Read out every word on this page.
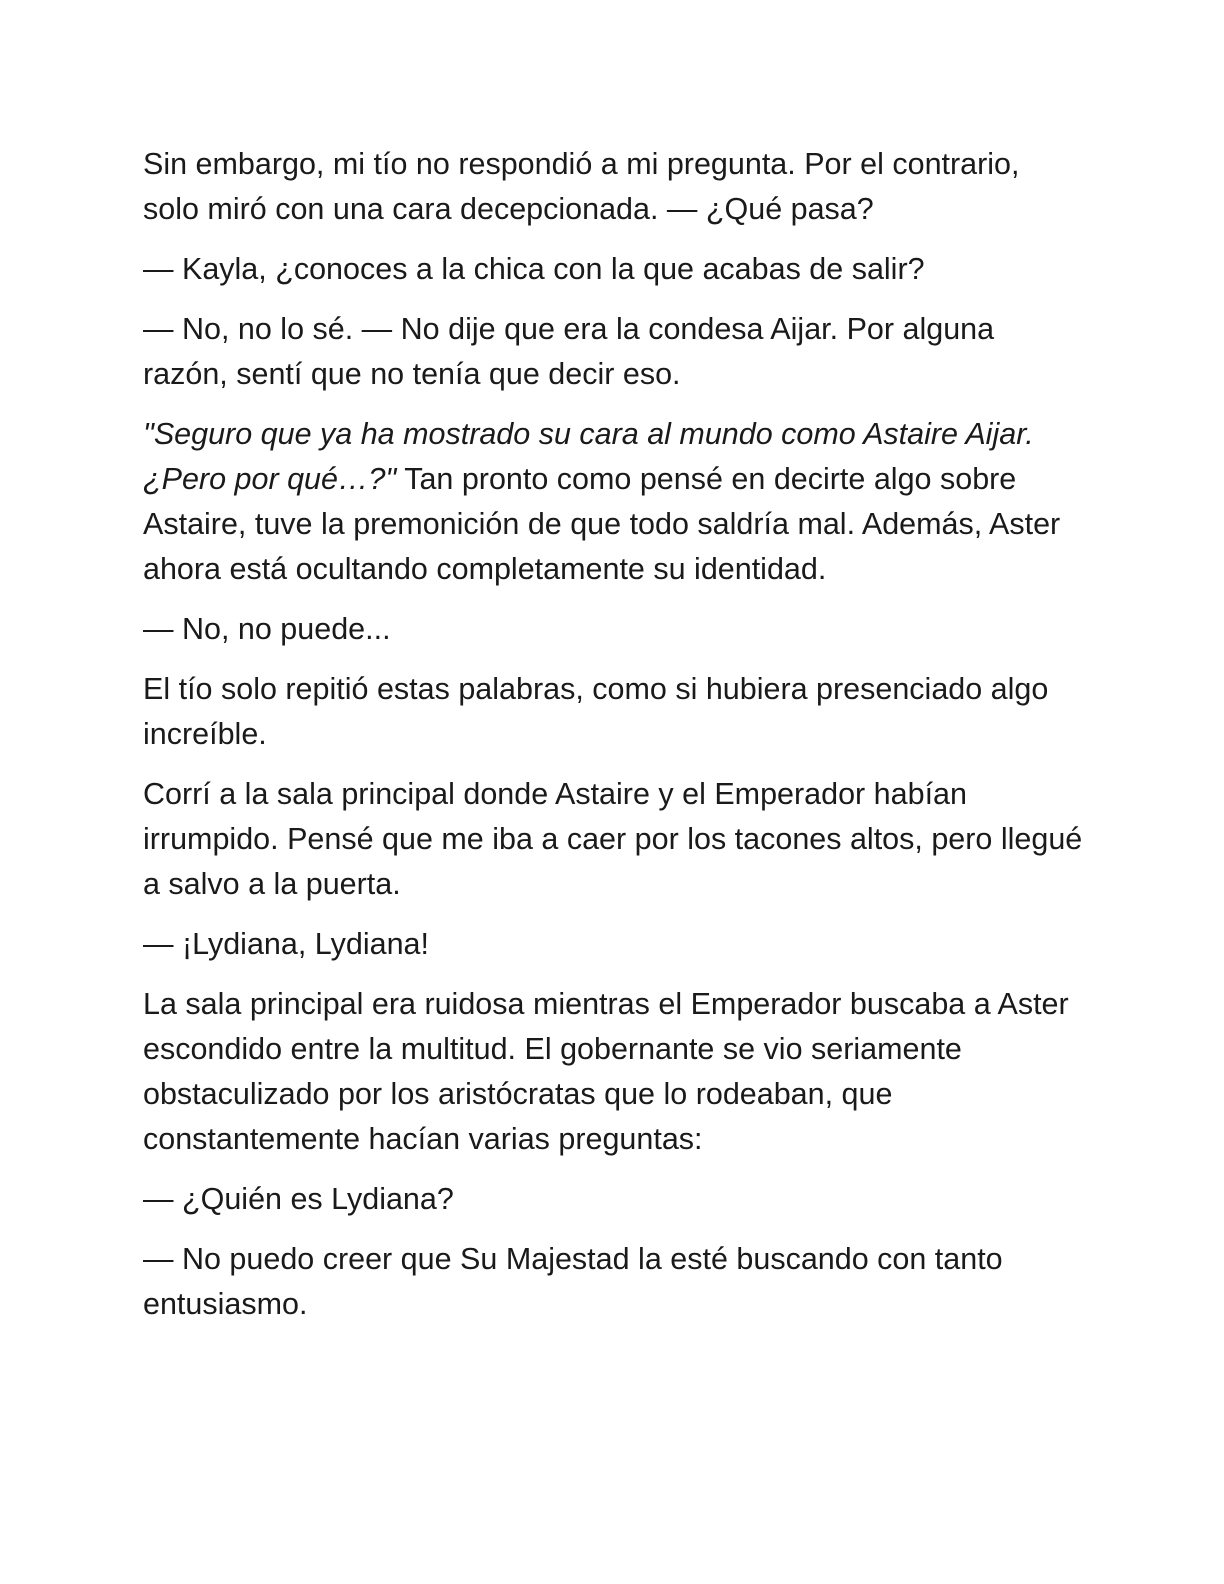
Sin embargo, mi tío no respondió a mi pregunta. Por el contrario, solo miró con una cara decepcionada. — ¿Qué pasa?

— Kayla, ¿conoces a la chica con la que acabas de salir?

— No, no lo sé. — No dije que era la condesa Aijar. Por alguna razón, sentí que no tenía que decir eso.

"Seguro que ya ha mostrado su cara al mundo como Astaire Aijar. ¿Pero por qué…?" Tan pronto como pensé en decirte algo sobre Astaire, tuve la premonición de que todo saldría mal. Además, Aster ahora está ocultando completamente su identidad.

— No, no puede...

El tío solo repitió estas palabras, como si hubiera presenciado algo increíble.

Corrí a la sala principal donde Astaire y el Emperador habían irrumpido. Pensé que me iba a caer por los tacones altos, pero llegué a salvo a la puerta.

— ¡Lydiana, Lydiana!

La sala principal era ruidosa mientras el Emperador buscaba a Aster escondido entre la multitud. El gobernante se vio seriamente obstaculizado por los aristócratas que lo rodeaban, que constantemente hacían varias preguntas:

— ¿Quién es Lydiana?

— No puedo creer que Su Majestad la esté buscando con tanto entusiasmo.
